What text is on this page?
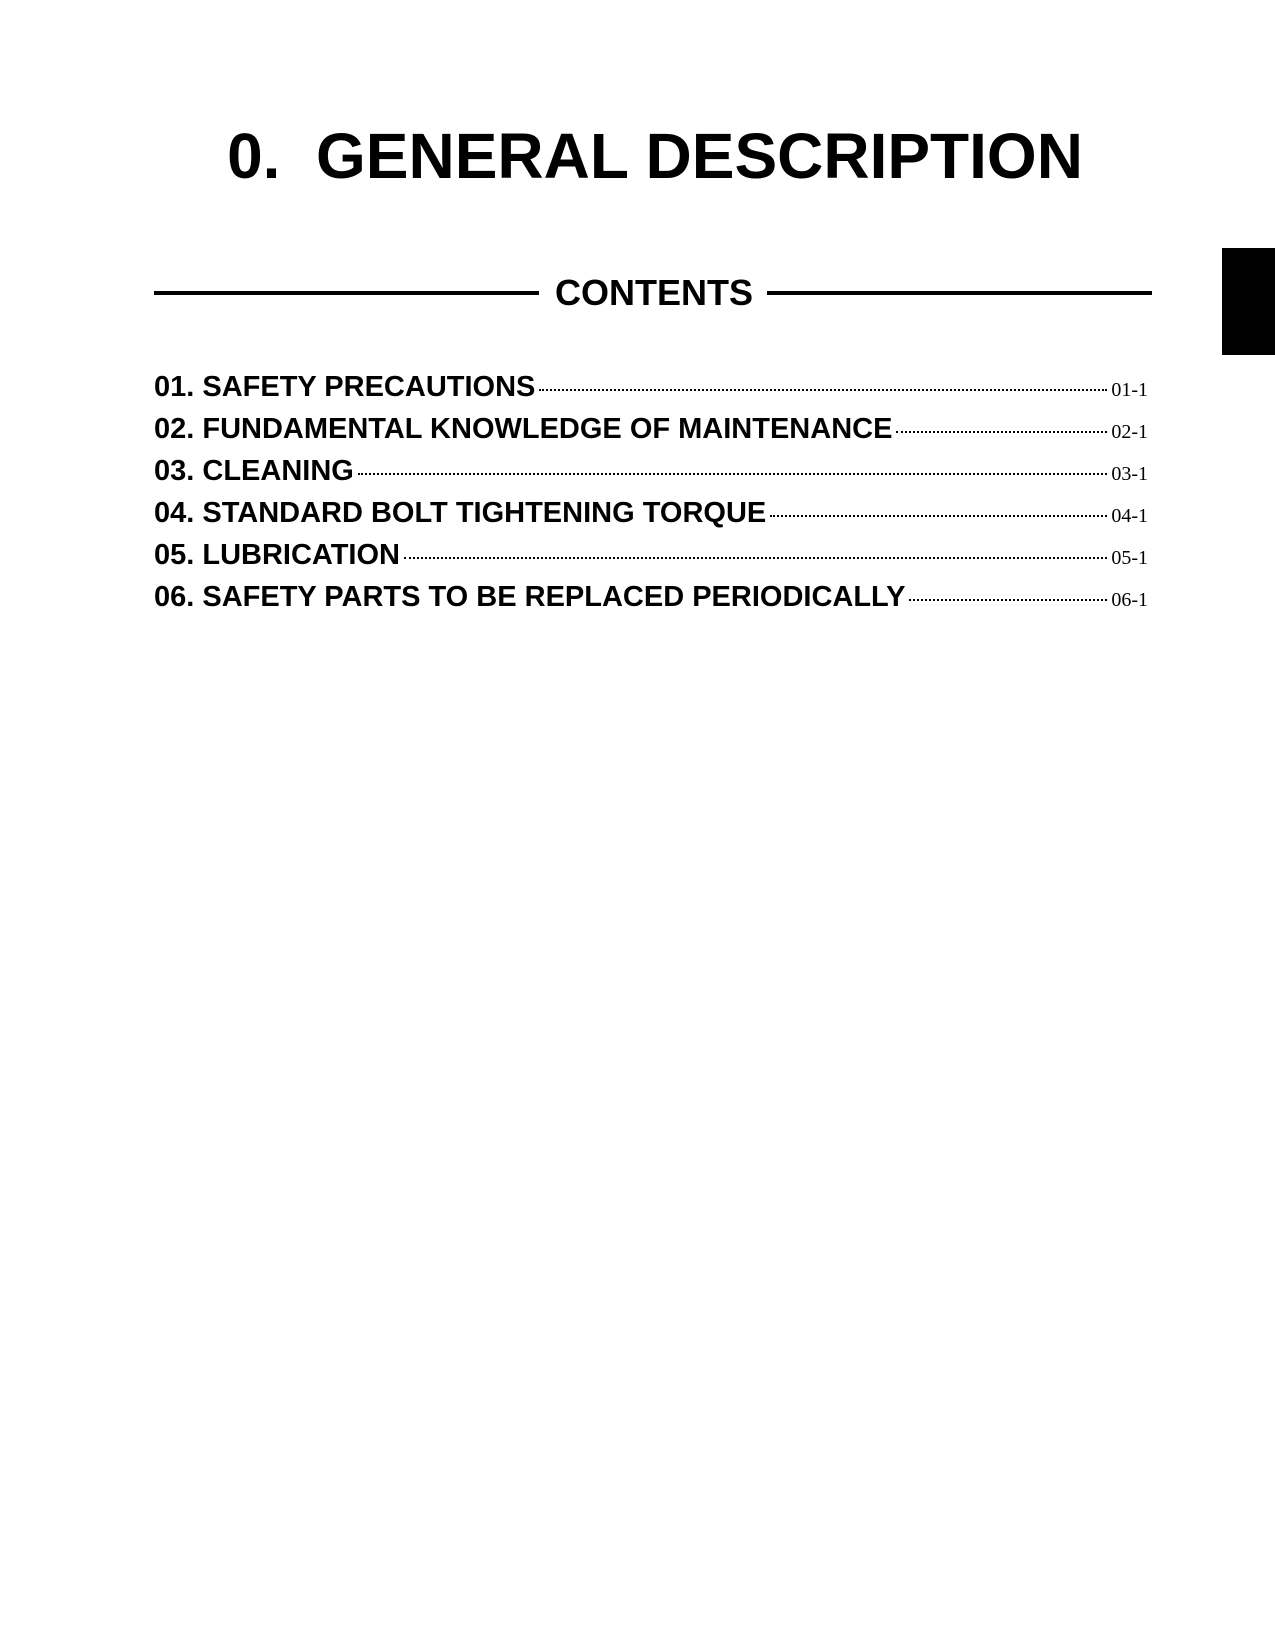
0.  GENERAL DESCRIPTION
CONTENTS
01. SAFETY PRECAUTIONS	01-1
02. FUNDAMENTAL KNOWLEDGE OF MAINTENANCE	02-1
03. CLEANING	03-1
04. STANDARD BOLT TIGHTENING TORQUE	04-1
05. LUBRICATION	05-1
06. SAFETY PARTS TO BE REPLACED PERIODICALLY	06-1
